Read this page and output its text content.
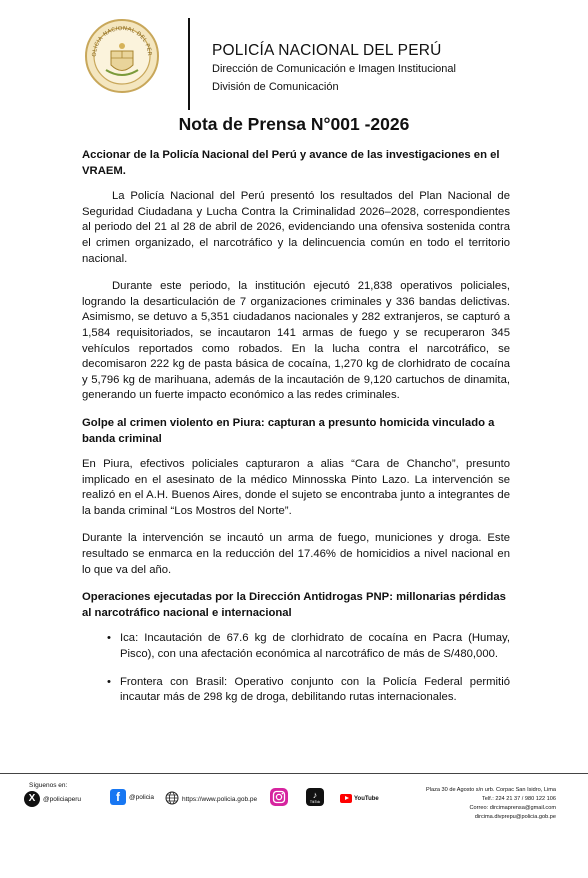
OLICIA NACIONAL DEL PER	POLICÍA NACIONAL DEL PERÚ
Dirección de Comunicación e Imagen Institucional
División de Comunicación
Nota de Prensa N°001 -2026
Accionar de la Policía Nacional del Perú y avance de las investigaciones en el VRAEM.

La Policía Nacional del Perú presentó los resultados del Plan Nacional de Seguridad Ciudadana y Lucha Contra la Criminalidad 2026–2028, correspondientes al periodo del 21 al 28 de abril de 2026, evidenciando una ofensiva sostenida contra el crimen organizado, el narcotráfico y la delincuencia común en todo el territorio nacional.

Durante este periodo, la institución ejecutó 21,838 operativos policiales, logrando la desarticulación de 7 organizaciones criminales y 336 bandas delictivas. Asimismo, se detuvo a 5,351 ciudadanos nacionales y 282 extranjeros, se capturó a 1,584 requisitoriados, se incautaron 141 armas de fuego y se recuperaron 345 vehículos reportados como robados. En la lucha contra el narcotráfico, se decomisaron 222 kg de pasta básica de cocaína, 1,270 kg de clorhidrato de cocaína y 5,796 kg de marihuana, además de la incautación de 9,120 cartuchos de dinamita, generando un fuerte impacto económico a las redes criminales.

Golpe al crimen violento en Piura: capturan a presunto homicida vinculado a banda criminal

En Piura, efectivos policiales capturaron a alias “Cara de Chancho”, presunto implicado en el asesinato de la médico Minnosska Pinto Lazo. La intervención se realizó en el A.H. Buenos Aires, donde el sujeto se encontraba junto a integrantes de la banda criminal “Los Mostros del Norte”.

Durante la intervención se incautó un arma de fuego, municiones y droga. Este resultado se enmarca en la reducción del 17.46% de homicidios a nivel nacional en lo que va del año.

Operaciones ejecutadas por la Dirección Antidrogas PNP: millonarias pérdidas al narcotráfico nacional e internacional
• Ica: Incautación de 67.6 kg de clorhidrato de cocaína en Pacra (Humay, Pisco), con una afectación económica al narcotráfico de más de S/480,000.
• Frontera con Brasil: Operativo conjunto con la Policía Federal permitió incautar más de 298 kg de droga, debilitando rutas internacionales.
Síguenos en:
X	@policiaperu	f	@policia	https://www.policia.gob.pe	♪
TikTok	YouTube
Plaza 30 de Agosto s/n urb. Corpac San Isidro, Lima
Telf.: 224 21 37 / 980 122 106
Correo: dircimaprensa@gmail.com
dircima.divprepu@policia.gob.pe
